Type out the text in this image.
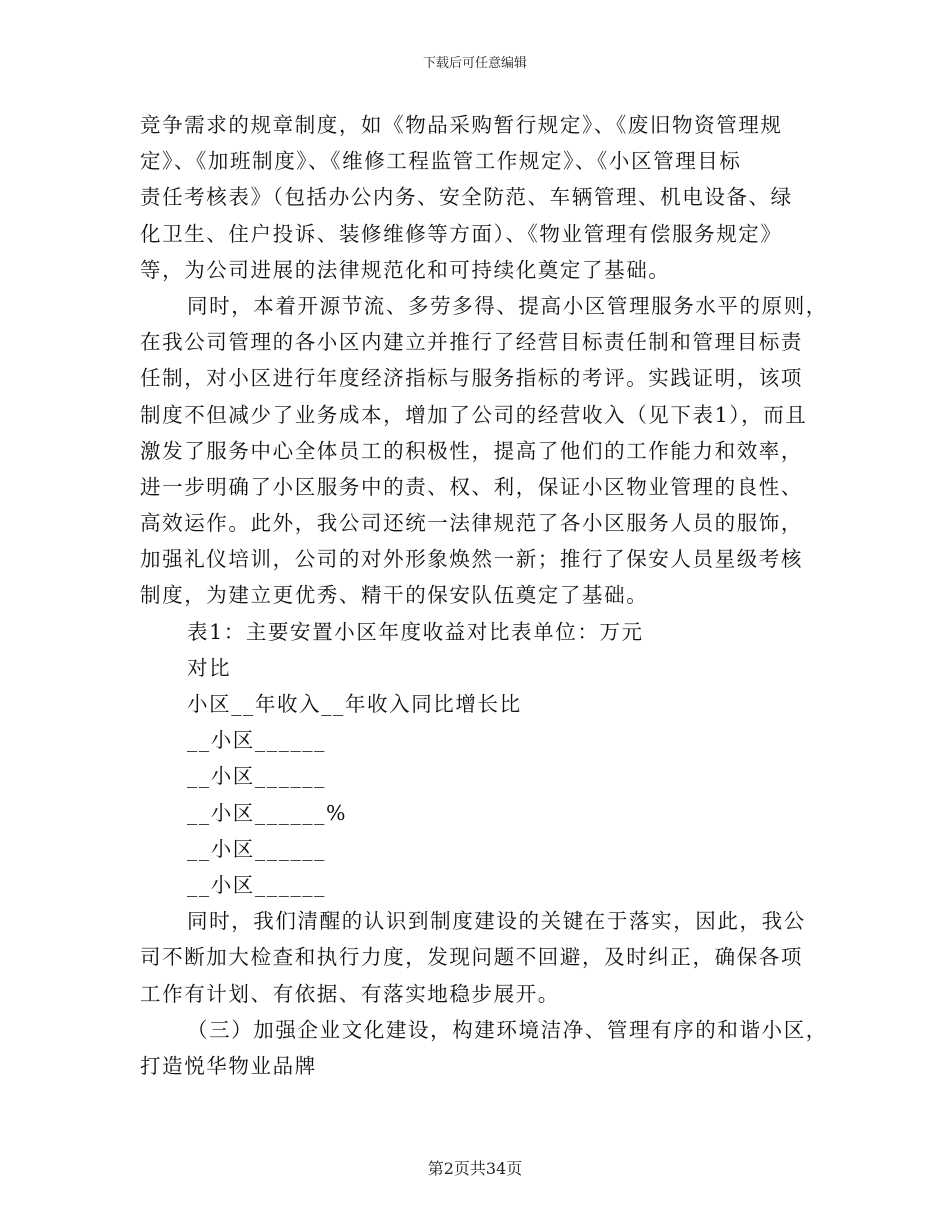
下载后可任意编辑
竞争需求的规章制度，如《物品采购暂行规定》、《废旧物资管理规
定》、《加班制度》、《维修工程监管工作规定》、《小区管理目标
责任考核表》（包括办公内务、安全防范、车辆管理、机电设备、绿
化卫生、住户投诉、装修维修等方面）、《物业管理有偿服务规定》
等，为公司进展的法律规范化和可持续化奠定了基础。
同时，本着开源节流、多劳多得、提高小区管理服务水平的原则，
在我公司管理的各小区内建立并推行了经营目标责任制和管理目标责
任制，对小区进行年度经济指标与服务指标的考评。实践证明，该项
制度不但减少了业务成本，增加了公司的经营收入（见下表1），而且
激发了服务中心全体员工的积极性，提高了他们的工作能力和效率，
进一步明确了小区服务中的责、权、利，保证小区物业管理的良性、
高效运作。此外，我公司还统一法律规范了各小区服务人员的服饰，
加强礼仪培训，公司的对外形象焕然一新；推行了保安人员星级考核
制度，为建立更优秀、精干的保安队伍奠定了基础。
表1：主要安置小区年度收益对比表单位：万元
对比
小区__年收入__年收入同比增长比
__小区______
__小区______
__小区______%
__小区______
__小区______
同时，我们清醒的认识到制度建设的关键在于落实，因此，我公
司不断加大检查和执行力度，发现问题不回避，及时纠正，确保各项
工作有计划、有依据、有落实地稳步展开。
（三）加强企业文化建设，构建环境洁净、管理有序的和谐小区，
打造悦华物业品牌
第2页共34页
